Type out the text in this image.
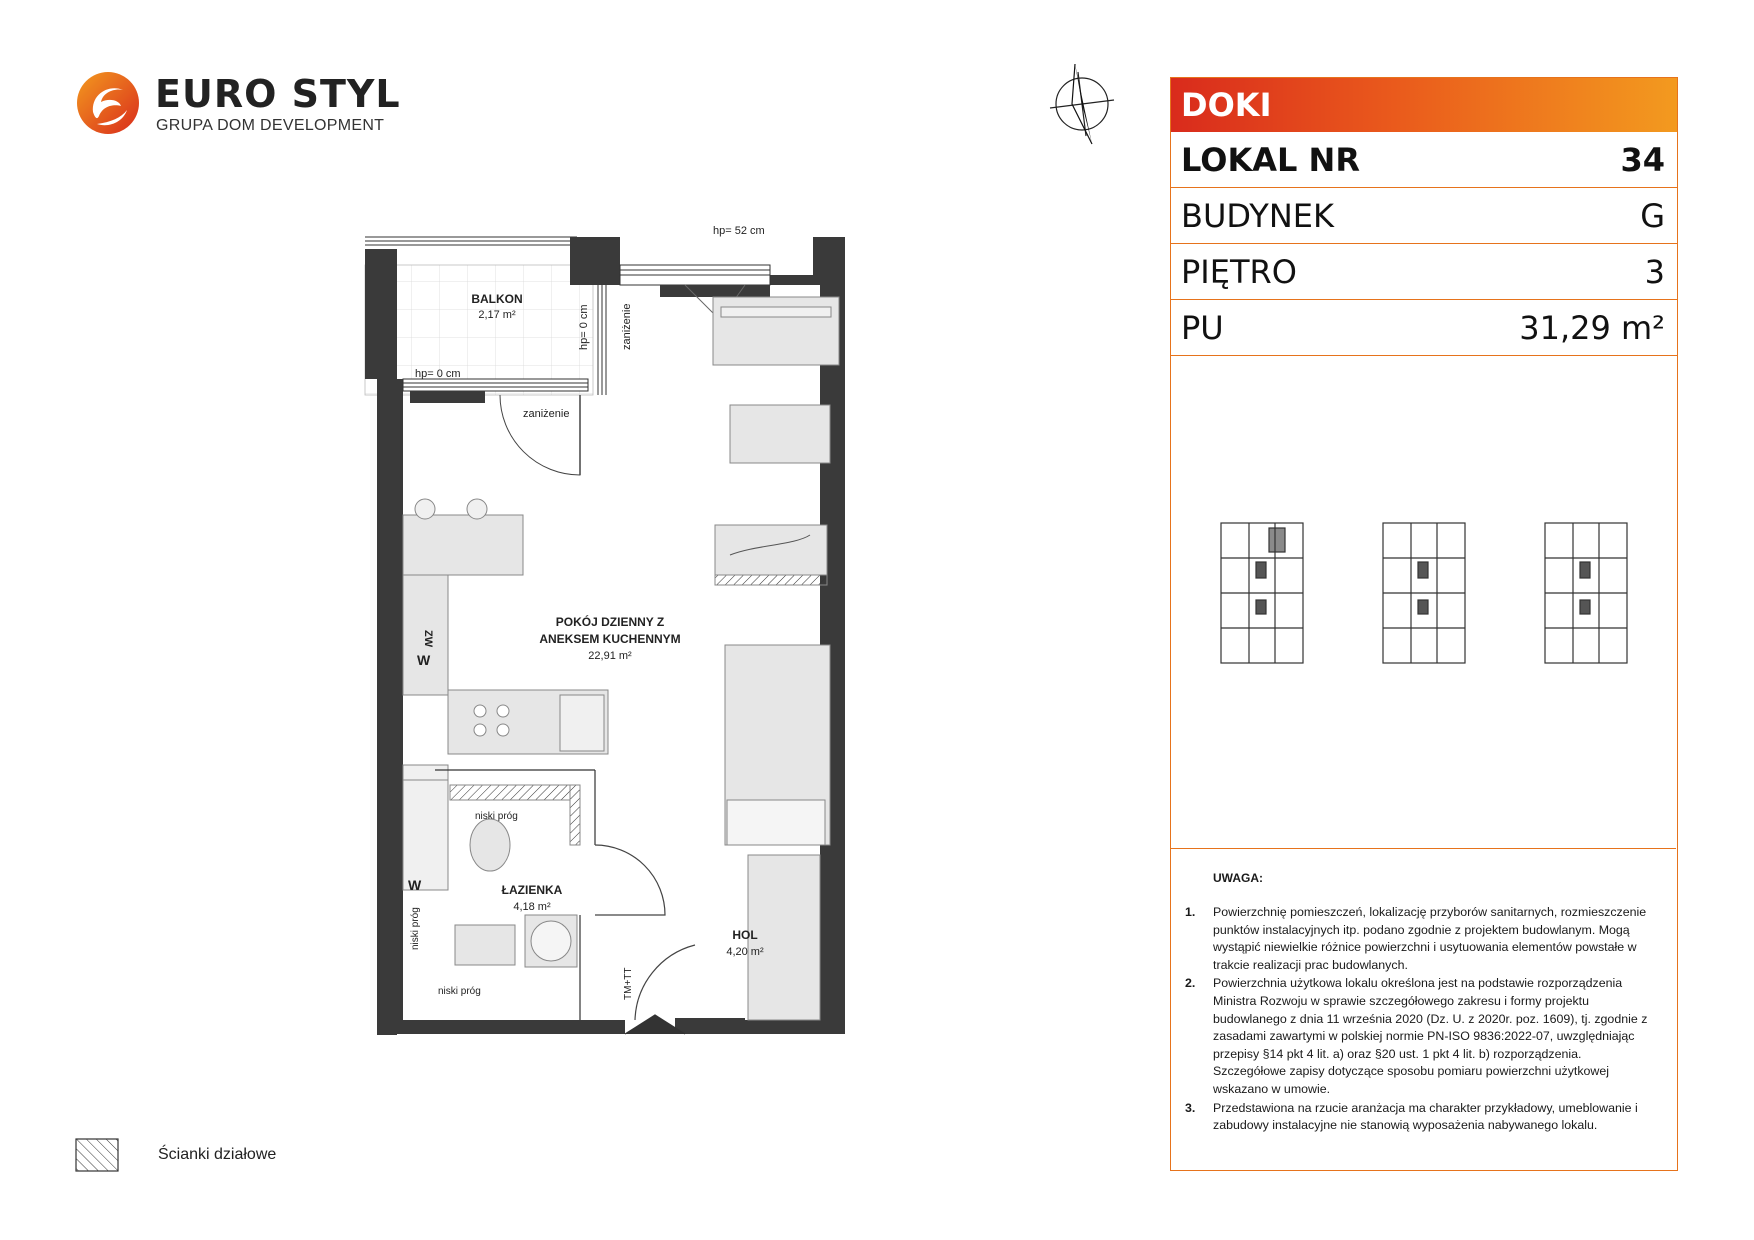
EURO STYL
GRUPA DOM DEVELOPMENT
hp= 52 cm
hp= 0 cm
hp= 0 cm	zaniżenie
zaniżenie
niski próg
niski próg
niski próg
ZW
W
W
TM+TT
BALKON
2,17 m²
POKÓJ DZIENNY Z
ANEKSEM KUCHENNYM
22,91 m²
ŁAZIENKA
4,18 m²
HOL
4,20 m²
DOKI
LOKAL NR	34
BUDYNEK	G
PIĘTRO	3
PU	31,29 m²
UWAGA:
1.	Powierzchnię pomieszczeń, lokalizację przyborów sanitarnych, rozmieszczenie punktów instalacyjnych itp. podano zgodnie z projektem budowlanym. Mogą wystąpić niewielkie różnice powierzchni i usytuowania elementów powstałe w trakcie realizacji prac budowlanych.
2.	Powierzchnia użytkowa lokalu określona jest na podstawie rozporządzenia Ministra Rozwoju w sprawie szczegółowego zakresu i formy projektu budowlanego z dnia 11 września 2020 (Dz. U. z 2020r. poz. 1609), tj. zgodnie z zasadami zawartymi w polskiej normie PN-ISO 9836:2022-07, uwzględniając przepisy §14 pkt 4 lit. a) oraz §20 ust. 1 pkt 4 lit. b) rozporządzenia. Szczegółowe zapisy dotyczące sposobu pomiaru powierzchni użytkowej wskazano w umowie.
3.	Przedstawiona na rzucie aranżacja ma charakter przykładowy, umeblowanie i zabudowy instalacyjne nie stanowią wyposażenia nabywanego lokalu.
Ścianki działowe
